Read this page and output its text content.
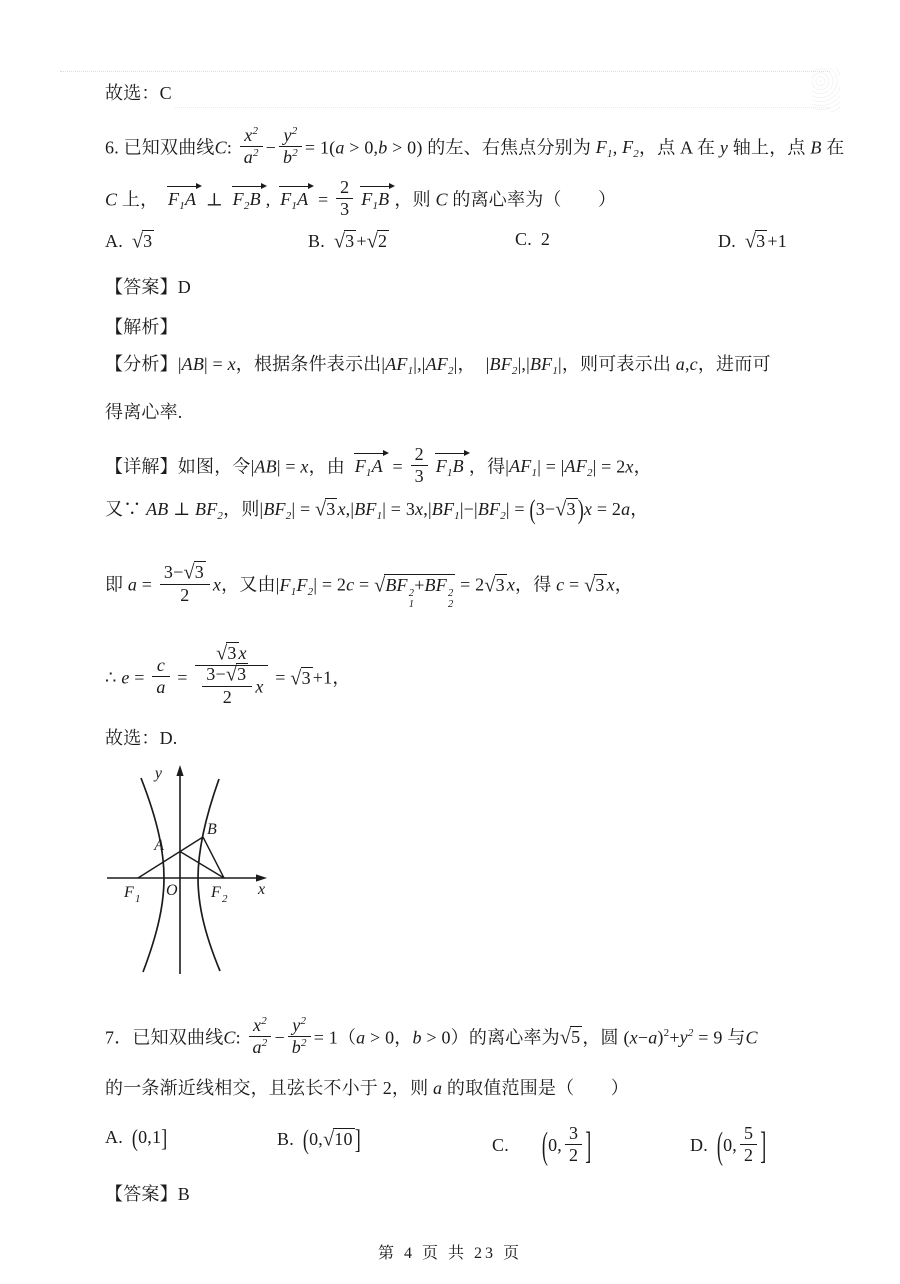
故选：C
6. 已知双曲线C: $\frac{x^2}{a^2} - \frac{y^2}{b^2} = 1(a > 0,b > 0)$ 的左、右焦点分别为 $F_1$, $F_2$，点 A 在 y 轴上，点 B 在
C 上， $F_1A$ ⊥ $F_2B$ , $F_1A = \frac{2}{3} F_1B$ ，则 C 的离心率为（　　）
A. √3	B. √3 +√2	C. 2	D. √3 +1
【答案】D
【解析】
【分析】|AB| = x，根据条件表示出$|AF_1|,|AF_2|$， $|BF_2|,|BF_1|$，则可表示出 a,c，进而可
得离心率.
【详解】如图，令|AB| = x，由 $F_1A = \frac{2}{3} F_1B$ ，得$|AF_1| = |AF_2| = 2x$，
又∵ AB ⊥ $BF_2$，则$|BF_2| = √3$ $x,|BF_1| = 3x,|BF_1|-|BF_2| = (3-√3$ )x = 2a，
即 $a = \frac{3-√3}{2}$ x，又由$|F_1F_2| = 2c = √BF$ 2
1
+BF 2
2
= 2√3 x，得 c = √3 x，
∴ $e = \frac{c}{a} = \frac{√3 x}{\frac{3-√3}{2} x} = √3 +1$，
故选：D.
y
x
A
B
O
F 1	F 2
7．已知双曲线C: $\frac{x^2}{a^2} - \frac{y^2}{b^2} = 1(a > 0$，b > 0）的离心率为√5 ，圆 $(x-a)^2+y^2 = 9$ 与C
的一条渐近线相交，且弦长不小于 2，则 a 的取值范围是（　　）
A. (0,1]	B. (0,√10 ]	C. (0, $\frac{3}{2}$ ]	D. (0, $\frac{5}{2}$ ]
【答案】B
第 4 页 共 23 页
